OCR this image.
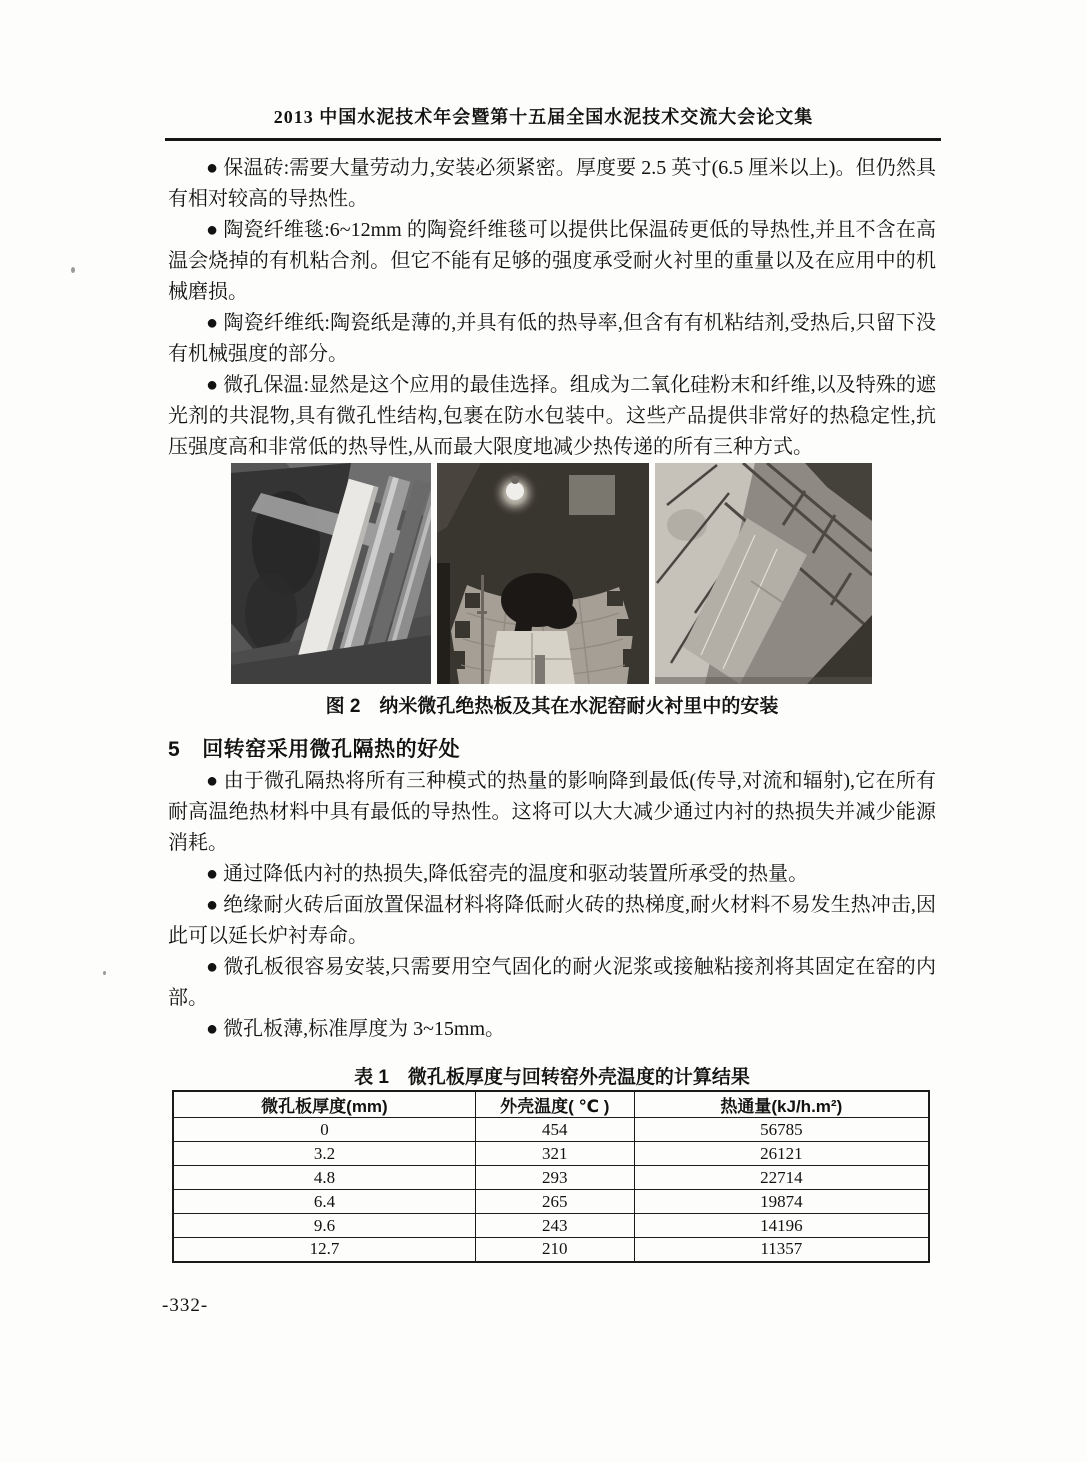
2013 中国水泥技术年会暨第十五届全国水泥技术交流大会论文集

● 保温砖:需要大量劳动力,安装必须紧密。厚度要 2.5 英寸(6.5 厘米以上)。但仍然具有相对较高的导热性。

● 陶瓷纤维毯:6~12mm 的陶瓷纤维毯可以提供比保温砖更低的导热性,并且不含在高温会烧掉的有机粘合剂。但它不能有足够的强度承受耐火衬里的重量以及在应用中的机械磨损。

● 陶瓷纤维纸:陶瓷纸是薄的,并具有低的热导率,但含有有机粘结剂,受热后,只留下没有机械强度的部分。

● 微孔保温:显然是这个应用的最佳选择。组成为二氧化硅粉末和纤维,以及特殊的遮光剂的共混物,具有微孔性结构,包裹在防水包装中。这些产品提供非常好的热稳定性,抗压强度高和非常低的热导性,从而最大限度地减少热传递的所有三种方式。

图 2　纳米微孔绝热板及其在水泥窑耐火衬里中的安装
5 回转窑采用微孔隔热的好处

● 由于微孔隔热将所有三种模式的热量的影响降到最低(传导,对流和辐射),它在所有耐高温绝热材料中具有最低的导热性。这将可以大大减少通过内衬的热损失并减少能源消耗。

● 通过降低内衬的热损失,降低窑壳的温度和驱动装置所承受的热量。

● 绝缘耐火砖后面放置保温材料将降低耐火砖的热梯度,耐火材料不易发生热冲击,因此可以延长炉衬寿命。

● 微孔板很容易安装,只需要用空气固化的耐火泥浆或接触粘接剂将其固定在窑的内部。

● 微孔板薄,标准厚度为 3~15mm。

表 1　微孔板厚度与回转窑外壳温度的计算结果
微孔板厚度(mm)	外壳温度( ℃ )	热通量(kJ/h.m²)
0	454	56785
3.2	321	26121
4.8	293	22714
6.4	265	19874
9.6	243	14196
12.7	210	11357
-332-
